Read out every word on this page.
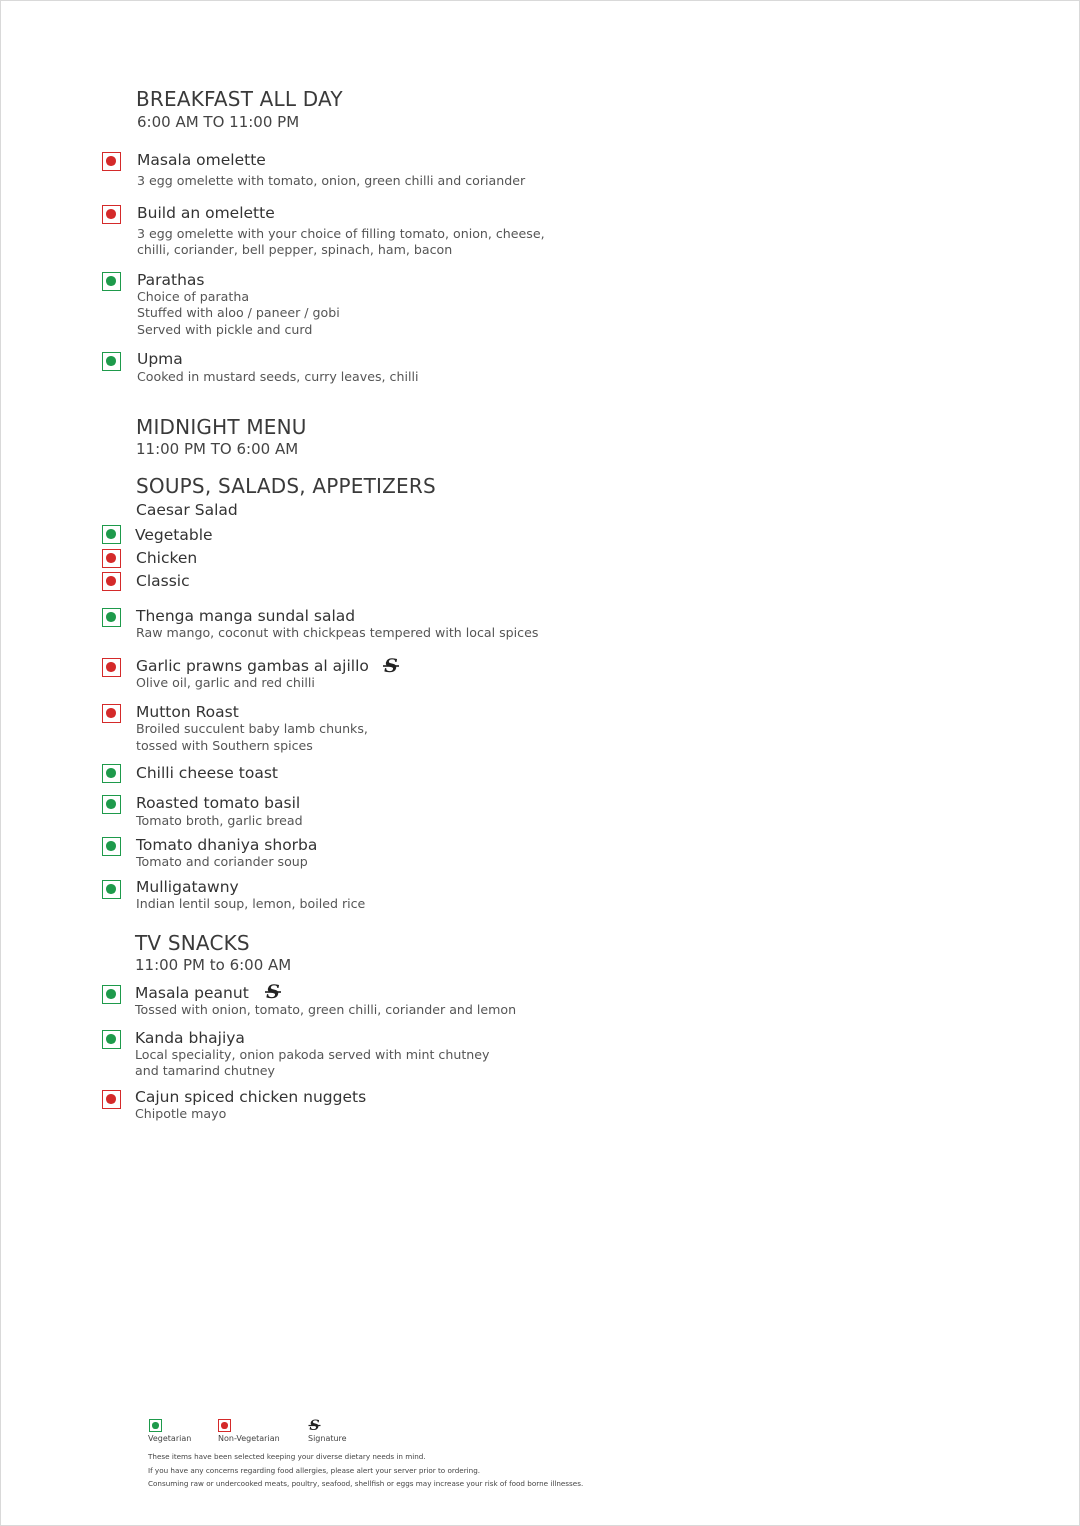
BREAKFAST ALL DAY
6:00 AM TO 11:00 PM
Masala omelette
3 egg omelette with tomato, onion, green chilli and coriander
Build an omelette
3 egg omelette with your choice of filling tomato, onion, cheese,
chilli, coriander, bell pepper, spinach, ham, bacon
Parathas
Choice of paratha
Stuffed with aloo / paneer / gobi
Served with pickle and curd
Upma
Cooked in mustard seeds, curry leaves, chilli
MIDNIGHT MENU
11:00 PM TO 6:00 AM
SOUPS, SALADS, APPETIZERS
Caesar Salad
Vegetable
Chicken
Classic
Thenga manga sundal salad
Raw mango, coconut with chickpeas tempered with local spices
Garlic prawns gambas al ajillo S
Olive oil, garlic and red chilli
Mutton Roast
Broiled succulent baby lamb chunks,
tossed with Southern spices
Chilli cheese toast
Roasted tomato basil
Tomato broth, garlic bread
Tomato dhaniya shorba
Tomato and coriander soup
Mulligatawny
Indian lentil soup, lemon, boiled rice
TV SNACKS
11:00 PM to 6:00 AM
Masala peanut S
Tossed with onion, tomato, green chilli, coriander and lemon
Kanda bhajiya
Local speciality, onion pakoda served with mint chutney
and tamarind chutney
Cajun spiced chicken nuggets
Chipotle mayo
Vegetarian	Non-Vegetarian
S
Signature
These items have been selected keeping your diverse dietary needs in mind.
If you have any concerns regarding food allergies, please alert your server prior to ordering.
Consuming raw or undercooked meats, poultry, seafood, shellfish or eggs may increase your risk of food borne illnesses.
